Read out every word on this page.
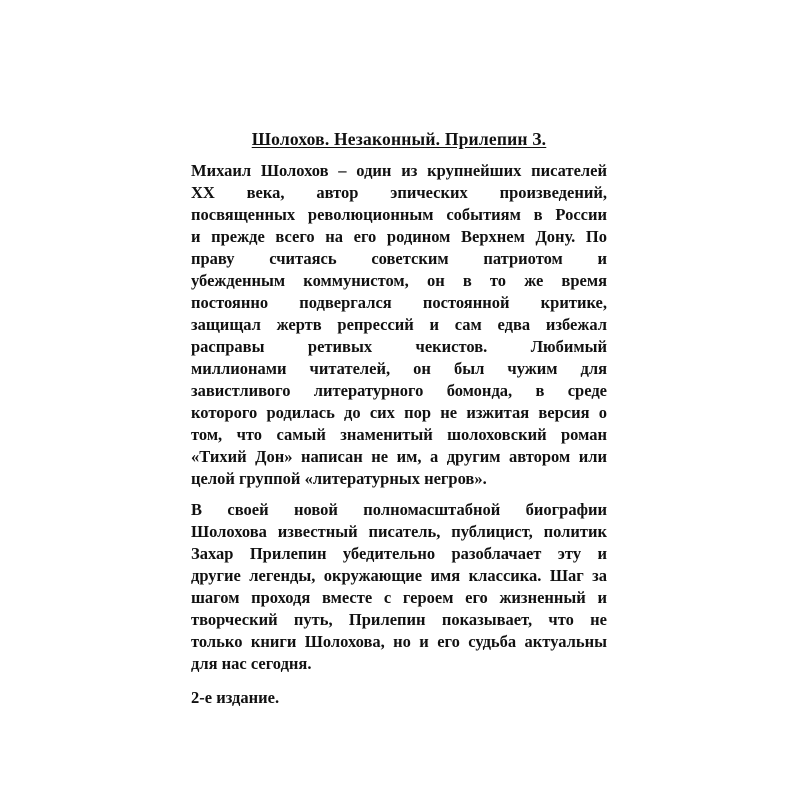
Шолохов. Незаконный. Прилепин З.
Михаил Шолохов – один из крупнейших писателей
XX века, автор эпических произведений,
посвященных революционным событиям в России
и прежде всего на его родином Верхнем Дону. По
праву считаясь советским патриотом и
убежденным коммунистом, он в то же время
постоянно подвергался постоянной критике,
защищал жертв репрессий и сам едва избежал
расправы ретивых чекистов. Любимый
миллионами читателей, он был чужим для
завистливого литературного бомонда, в среде
которого родилась до сих пор не изжитая версия о
том, что самый знаменитый шолоховский роман
«Тихий Дон» написан не им, а другим автором или
целой группой «литературных негров».
В своей новой полномасштабной биографии
Шолохова известный писатель, публицист, политик
Захар Прилепин убедительно разоблачает эту и
другие легенды, окружающие имя классика. Шаг за
шагом проходя вместе с героем его жизненный и
творческий путь, Прилепин показывает, что не
только книги Шолохова, но и его судьба актуальны
для нас сегодня.
2-е издание.
